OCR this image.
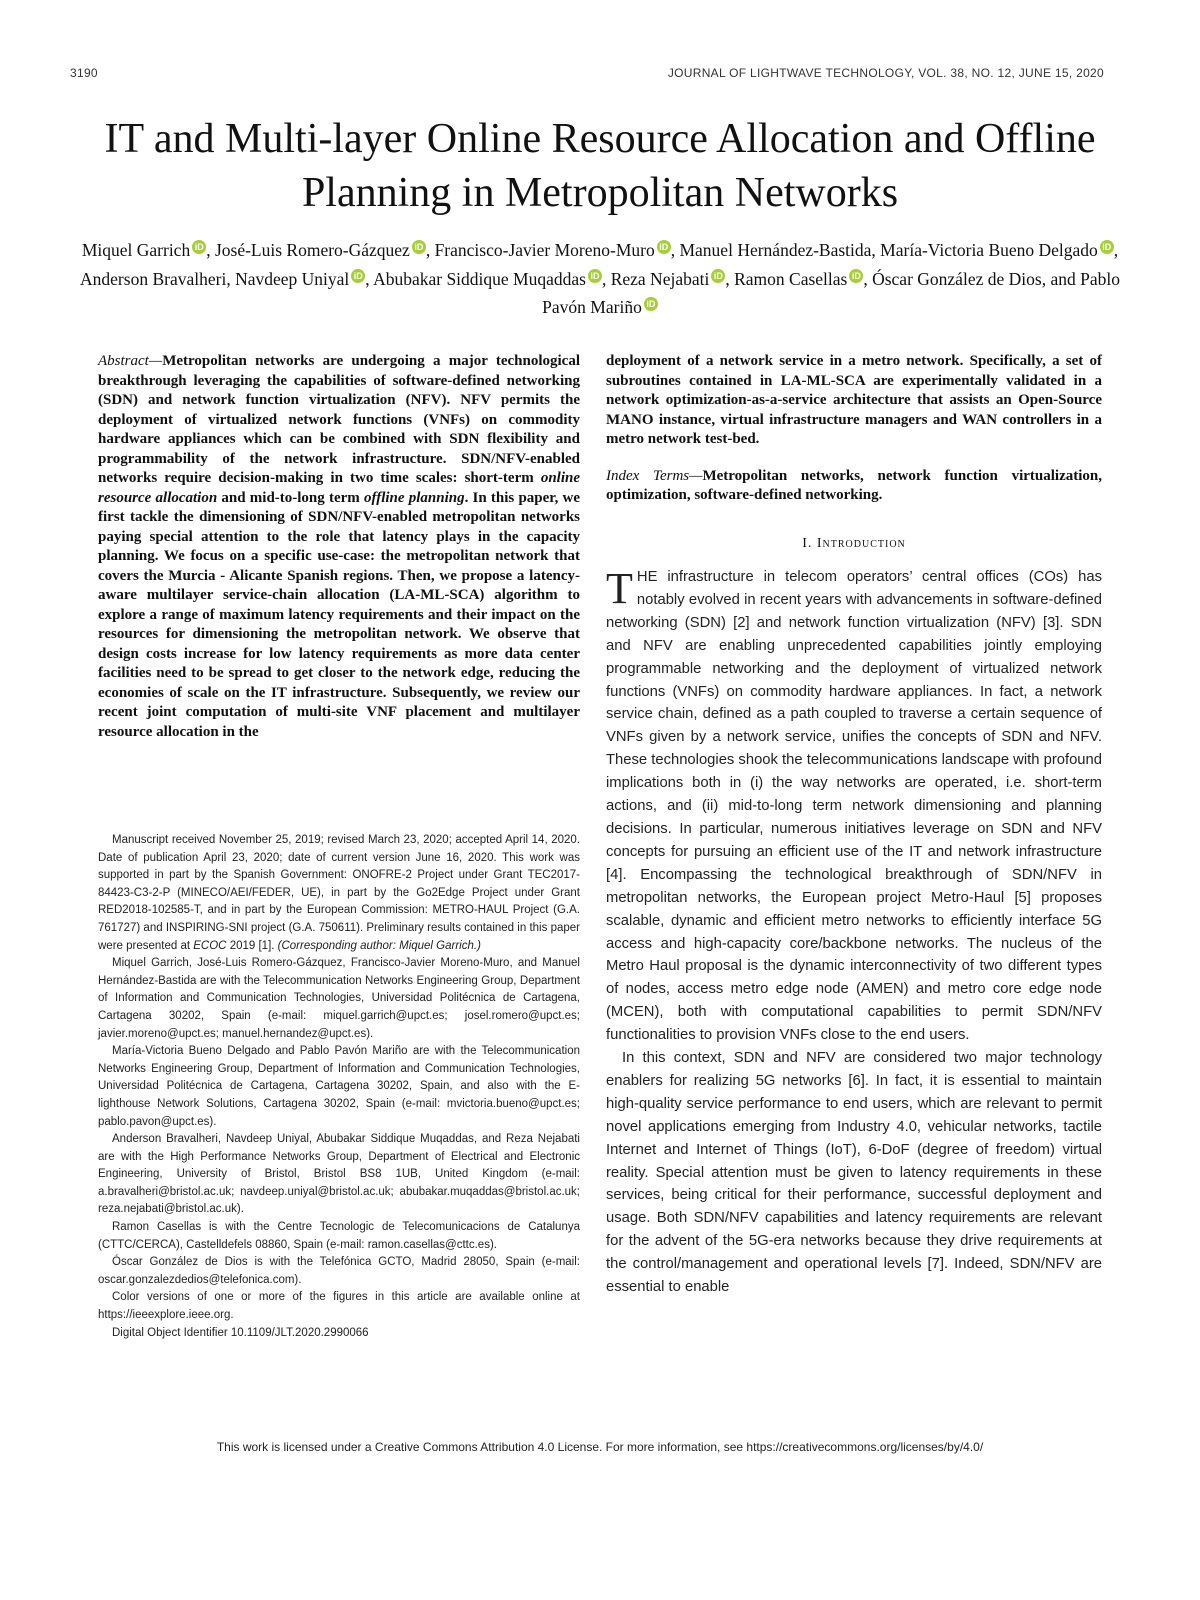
3190	JOURNAL OF LIGHTWAVE TECHNOLOGY, VOL. 38, NO. 12, JUNE 15, 2020
IT and Multi-layer Online Resource Allocation and Offline Planning in Metropolitan Networks
Miquel Garrich iD , José-Luis Romero-Gázquez iD , Francisco-Javier Moreno-Muro iD , Manuel Hernández-Bastida, María-Victoria Bueno Delgado iD , Anderson Bravalheri, Navdeep Uniyal iD , Abubakar Siddique Muqaddas iD , Reza Nejabati iD , Ramon Casellas iD , Óscar González de Dios, and Pablo Pavón Mariño iD

Abstract—Metropolitan networks are undergoing a major technological breakthrough leveraging the capabilities of software-defined networking (SDN) and network function virtualization (NFV). NFV permits the deployment of virtualized network functions (VNFs) on commodity hardware appliances which can be combined with SDN flexibility and programmability of the network infrastructure. SDN/NFV-enabled networks require decision-making in two time scales: short-term online resource allocation and mid-to-long term offline planning. In this paper, we first tackle the dimensioning of SDN/NFV-enabled metropolitan networks paying special attention to the role that latency plays in the capacity planning. We focus on a specific use-case: the metropolitan network that covers the Murcia - Alicante Spanish regions. Then, we propose a latency-aware multilayer service-chain allocation (LA-ML-SCA) algorithm to explore a range of maximum latency requirements and their impact on the resources for dimensioning the metropolitan network. We observe that design costs increase for low latency requirements as more data center facilities need to be spread to get closer to the network edge, reducing the economies of scale on the IT infrastructure. Subsequently, we review our recent joint computation of multi-site VNF placement and multilayer resource allocation in the

deployment of a network service in a metro network. Specifically, a set of subroutines contained in LA-ML-SCA are experimentally validated in a network optimization-as-a-service architecture that assists an Open-Source MANO instance, virtual infrastructure managers and WAN controllers in a metro network test-bed.

Index Terms—Metropolitan networks, network function virtualization, optimization, software-defined networking.

I. Introduction

THE infrastructure in telecom operators’ central offices (COs) has notably evolved in recent years with advancements in software-defined networking (SDN) [2] and network function virtualization (NFV) [3]. SDN and NFV are enabling unprecedented capabilities jointly employing programmable networking and the deployment of virtualized network functions (VNFs) on commodity hardware appliances. In fact, a network service chain, defined as a path coupled to traverse a certain sequence of VNFs given by a network service, unifies the concepts of SDN and NFV. These technologies shook the telecommunications landscape with profound implications both in (i) the way networks are operated, i.e. short-term actions, and (ii) mid-to-long term network dimensioning and planning decisions. In particular, numerous initiatives leverage on SDN and NFV concepts for pursuing an efficient use of the IT and network infrastructure [4]. Encompassing the technological breakthrough of SDN/NFV in metropolitan networks, the European project Metro-Haul [5] proposes scalable, dynamic and efficient metro networks to efficiently interface 5G access and high-capacity core/backbone networks. The nucleus of the Metro Haul proposal is the dynamic interconnectivity of two different types of nodes, access metro edge node (AMEN) and metro core edge node (MCEN), both with computational capabilities to permit SDN/NFV functionalities to provision VNFs close to the end users.

In this context, SDN and NFV are considered two major technology enablers for realizing 5G networks [6]. In fact, it is essential to maintain high-quality service performance to end users, which are relevant to permit novel applications emerging from Industry 4.0, vehicular networks, tactile Internet and Internet of Things (IoT), 6-DoF (degree of freedom) virtual reality. Special attention must be given to latency requirements in these services, being critical for their performance, successful deployment and usage. Both SDN/NFV capabilities and latency requirements are relevant for the advent of the 5G-era networks because they drive requirements at the control/management and operational levels [7]. Indeed, SDN/NFV are essential to enable

Manuscript received November 25, 2019; revised March 23, 2020; accepted April 14, 2020. Date of publication April 23, 2020; date of current version June 16, 2020. This work was supported in part by the Spanish Government: ONOFRE-2 Project under Grant TEC2017-84423-C3-2-P (MINECO/AEI/FEDER, UE), in part by the Go2Edge Project under Grant RED2018-102585-T, and in part by the European Commission: METRO-HAUL Project (G.A. 761727) and INSPIRING-SNI project (G.A. 750611). Preliminary results contained in this paper were presented at ECOC 2019 [1]. (Corresponding author: Miquel Garrich.)

Miquel Garrich, José-Luis Romero-Gázquez, Francisco-Javier Moreno-Muro, and Manuel Hernández-Bastida are with the Telecommunication Networks Engineering Group, Department of Information and Communication Technologies, Universidad Politécnica de Cartagena, Cartagena 30202, Spain (e-mail: miquel.garrich@upct.es; josel.romero@upct.es; javier.moreno@upct.es; manuel.hernandez@upct.es).

María-Victoria Bueno Delgado and Pablo Pavón Mariño are with the Telecommunication Networks Engineering Group, Department of Information and Communication Technologies, Universidad Politécnica de Cartagena, Cartagena 30202, Spain, and also with the E-lighthouse Network Solutions, Cartagena 30202, Spain (e-mail: mvictoria.bueno@upct.es; pablo.pavon@upct.es).

Anderson Bravalheri, Navdeep Uniyal, Abubakar Siddique Muqaddas, and Reza Nejabati are with the High Performance Networks Group, Department of Electrical and Electronic Engineering, University of Bristol, Bristol BS8 1UB, United Kingdom (e-mail: a.bravalheri@bristol.ac.uk; navdeep.uniyal@bristol.ac.uk; abubakar.muqaddas@bristol.ac.uk; reza.nejabati@bristol.ac.uk).

Ramon Casellas is with the Centre Tecnologic de Telecomunicacions de Catalunya (CTTC/CERCA), Castelldefels 08860, Spain (e-mail: ramon.casellas@cttc.es).

Óscar González de Dios is with the Telefónica GCTO, Madrid 28050, Spain (e-mail: oscar.gonzalezdedios@telefonica.com).

Color versions of one or more of the figures in this article are available online at https://ieeexplore.ieee.org.

Digital Object Identifier 10.1109/JLT.2020.2990066

This work is licensed under a Creative Commons Attribution 4.0 License. For more information, see https://creativecommons.org/licenses/by/4.0/
